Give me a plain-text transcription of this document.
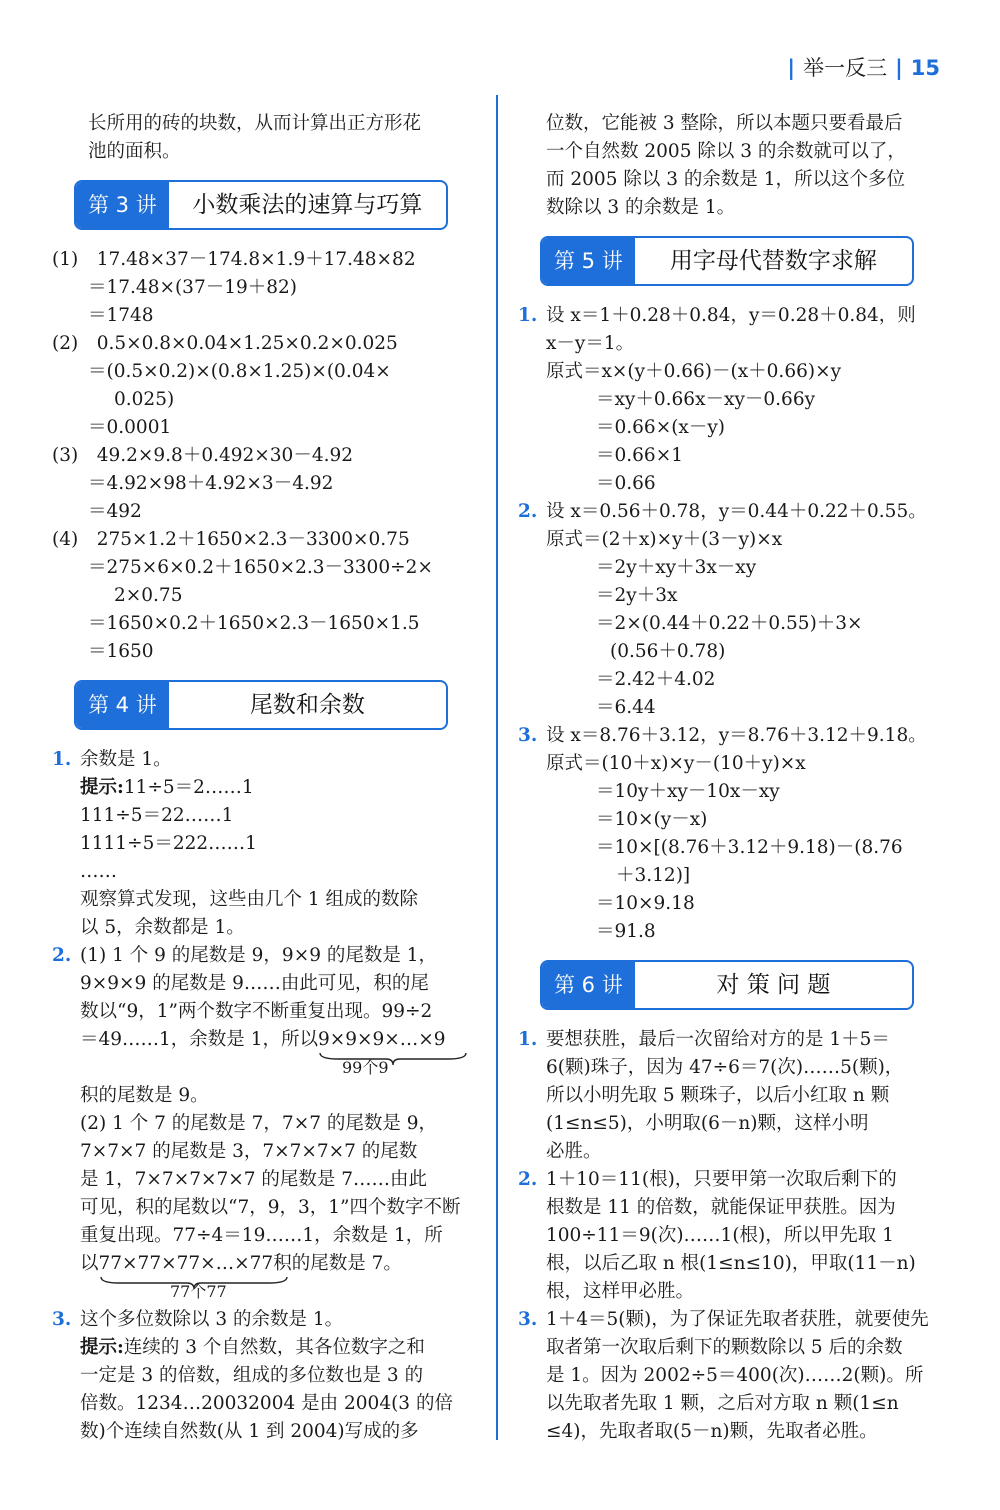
| 举一反三 | 15
长所用的砖的块数，从而计算出正方形花
池的面积。
第 3 讲	小数乘法的速算与巧算
(1)　17.48×37－174.8×1.9＋17.48×82
＝17.48×(37－19＋82)
＝1748
(2)　0.5×0.8×0.04×1.25×0.2×0.025
＝(0.5×0.2)×(0.8×1.25)×(0.04×
0.025)
＝0.0001
(3)　49.2×9.8＋0.492×30－4.92
＝4.92×98＋4.92×3－4.92
＝492
(4)　275×1.2＋1650×2.3－3300×0.75
＝275×6×0.2＋1650×2.3－3300÷2×
2×0.75
＝1650×0.2＋1650×2.3－1650×1.5
＝1650
第 4 讲	尾数和余数
1. 余数是 1。
提示:11÷5＝2……1
111÷5＝22……1
1111÷5＝222……1
……
观察算式发现，这些由几个 1 组成的数除
以 5，余数都是 1。
2. (1) 1 个 9 的尾数是 9，9×9 的尾数是 1，
9×9×9 的尾数是 9……由此可见，积的尾
数以“9，1”两个数字不断重复出现。99÷2
＝49……1，余数是 1，所以9×9×9×…×9
99个9
积的尾数是 9。
(2) 1 个 7 的尾数是 7，7×7 的尾数是 9，
7×7×7 的尾数是 3，7×7×7×7 的尾数
是 1，7×7×7×7×7 的尾数是 7……由此
可见，积的尾数以“7，9，3，1”四个数字不断
重复出现。77÷4＝19……1，余数是 1，所
以77×77×77×…×77
积的尾数是 7。
77个77
3. 这个多位数除以 3 的余数是 1。
提示:连续的 3 个自然数，其各位数字之和
一定是 3 的倍数，组成的多位数也是 3 的
倍数。1234…20032004 是由 2004(3 的倍
数)个连续自然数(从 1 到 2004)写成的多
位数，它能被 3 整除，所以本题只要看最后
一个自然数 2005 除以 3 的余数就可以了，
而 2005 除以 3 的余数是 1，所以这个多位
数除以 3 的余数是 1。
第 5 讲	用字母代替数字求解
1. 设 x＝1＋0.28＋0.84，y＝0.28＋0.84，则
x－y＝1。
原式＝x×(y＋0.66)－(x＋0.66)×y
＝xy＋0.66x－xy－0.66y
＝0.66×(x－y)
＝0.66×1
＝0.66
2. 设 x＝0.56＋0.78，y＝0.44＋0.22＋0.55。
原式＝(2＋x)×y＋(3－y)×x
＝2y＋xy＋3x－xy
＝2y＋3x
＝2×(0.44＋0.22＋0.55)＋3×
(0.56＋0.78)
＝2.42＋4.02
＝6.44
3. 设 x＝8.76＋3.12，y＝8.76＋3.12＋9.18。
原式＝(10＋x)×y－(10＋y)×x
＝10y＋xy－10x－xy
＝10×(y－x)
＝10×[(8.76＋3.12＋9.18)－(8.76
＋3.12)]
＝10×9.18
＝91.8
第 6 讲	对 策 问 题
1. 要想获胜，最后一次留给对方的是 1＋5＝
6(颗)珠子，因为 47÷6＝7(次)……5(颗)，
所以小明先取 5 颗珠子，以后小红取 n 颗
(1≤n≤5)，小明取(6－n)颗，这样小明
必胜。
2. 1＋10＝11(根)，只要甲第一次取后剩下的
根数是 11 的倍数，就能保证甲获胜。因为
100÷11＝9(次)……1(根)，所以甲先取 1
根，以后乙取 n 根(1≤n≤10)，甲取(11－n)
根，这样甲必胜。
3. 1＋4＝5(颗)，为了保证先取者获胜，就要使先
取者第一次取后剩下的颗数除以 5 后的余数
是 1。因为 2002÷5＝400(次)……2(颗)。所
以先取者先取 1 颗，之后对方取 n 颗(1≤n
≤4)，先取者取(5－n)颗，先取者必胜。
